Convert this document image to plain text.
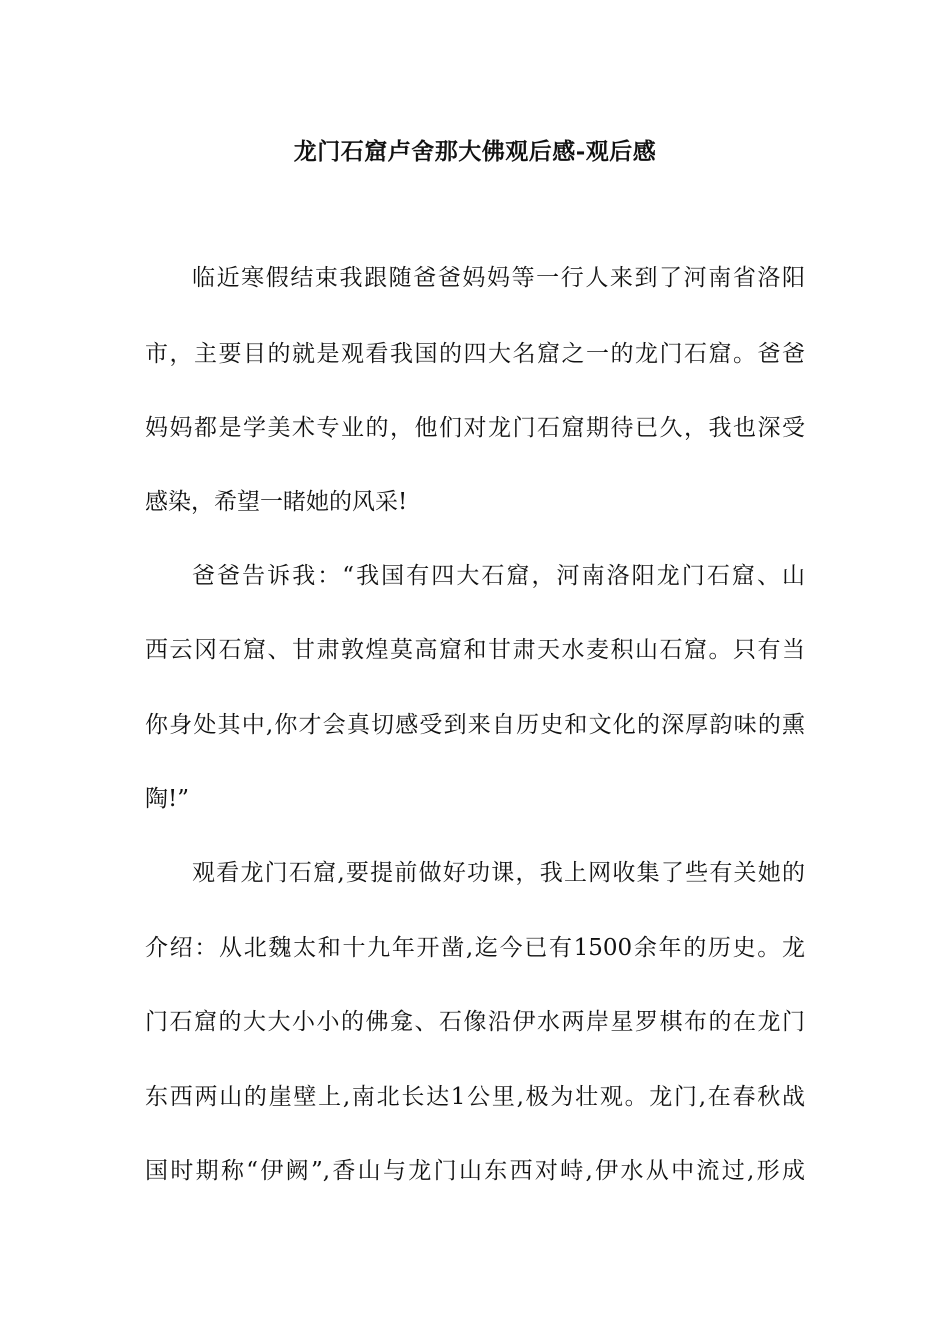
龙门石窟卢舍那大佛观后感-观后感
临近寒假结束我跟随爸爸妈妈等一行人来到了河南省洛阳
市，主要目的就是观看我国的四大名窟之一的龙门石窟。爸爸
妈妈都是学美术专业的，他们对龙门石窟期待已久，我也深受
感染，希望一睹她的风采!
爸爸告诉我：“我国有四大石窟，河南洛阳龙门石窟、山
西云冈石窟、甘肃敦煌莫高窟和甘肃天水麦积山石窟。只有当
你身处其中,你才会真切感受到来自历史和文化的深厚韵味的熏
陶!”
观看龙门石窟,要提前做好功课，我上网收集了些有关她的
介绍：从北魏太和十九年开凿,迄今已有1500余年的历史。龙
门石窟的大大小小的佛龛、石像沿伊水两岸星罗棋布的在龙门
东西两山的崖壁上,南北长达1公里,极为壮观。龙门,在春秋战
国时期称“伊阙”,香山与龙门山东西对峙,伊水从中流过,形成
